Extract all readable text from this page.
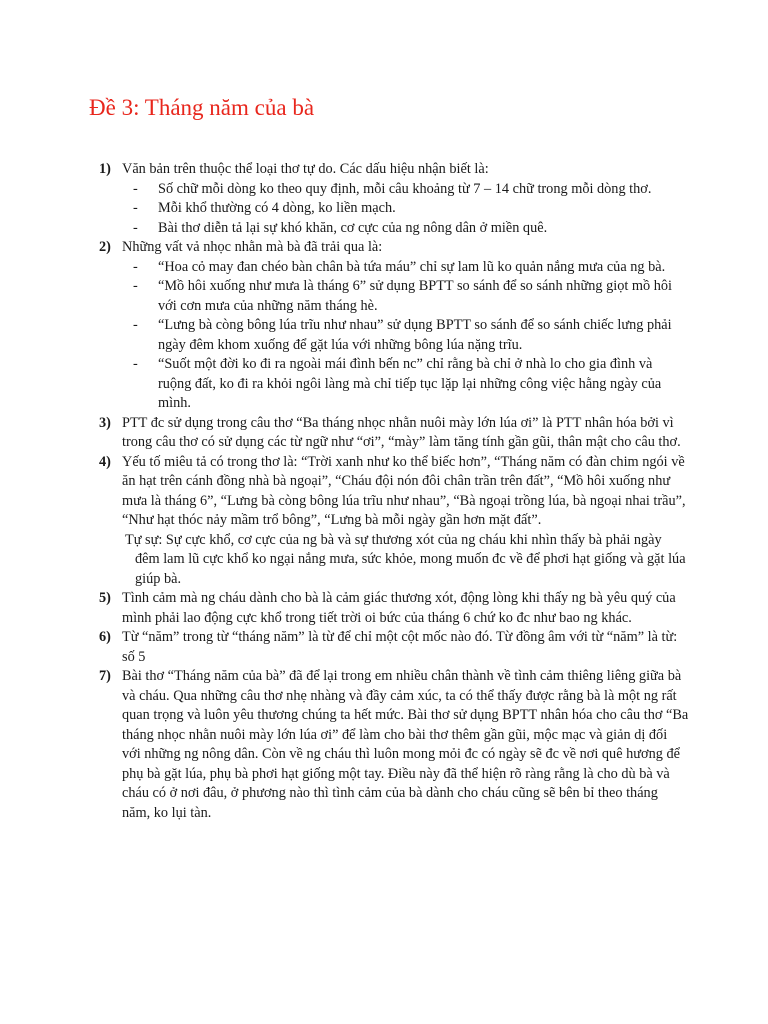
Đề 3: Tháng năm của bà
1) Văn bản trên thuộc thể loại thơ tự do. Các dấu hiệu nhận biết là:
- Số chữ mỗi dòng ko theo quy định, mỗi câu khoảng từ 7 – 14 chữ trong mỗi dòng thơ.
- Mỗi khổ thường có 4 dòng, ko liền mạch.
- Bài thơ diễn tả lại sự khó khăn, cơ cực của ng nông dân ở miền quê.
2) Những vất vả nhọc nhằn mà bà đã trải qua là:
- “Hoa cỏ may đan chéo bàn chân bà tứa máu” chỉ sự lam lũ ko quản nắng mưa của ng bà.
- “Mồ hôi xuống như mưa là tháng 6” sử dụng BPTT so sánh để so sánh những giọt mồ hôi với cơn mưa của những năm tháng hè.
- “Lưng bà còng bông lúa trĩu như nhau” sử dụng BPTT so sánh để so sánh chiếc lưng phải ngày đêm khom xuống để gặt lúa với những bông lúa nặng trĩu.
- “Suốt một đời ko đi ra ngoài mái đình bến nc” chỉ rằng bà chỉ ở nhà lo cho gia đình và ruộng đất, ko đi ra khỏi ngôi làng mà chỉ tiếp tục lặp lại những công việc hằng ngày của mình.
3) PTT đc sử dụng trong câu thơ “Ba tháng nhọc nhằn nuôi mày lớn lúa ơi” là PTT nhân hóa bởi vì trong câu thơ có sử dụng các từ ngữ như “ơi”, “mày” làm tăng tính gần gũi, thân mật cho câu thơ.
4) Yếu tố miêu tả có trong thơ là: “Trời xanh như ko thể biếc hơn”, “Tháng năm có đàn chim ngói về ăn hạt trên cánh đồng nhà bà ngoại”, “Cháu đội nón đôi chân trần trên đất”, “Mồ hôi xuống như mưa là tháng 6”, “Lưng bà còng bông lúa trĩu như nhau”, “Bà ngoại trồng lúa, bà ngoại nhai trầu”, “Như hạt thóc nảy mầm trổ bông”, “Lưng bà mỗi ngày gần hơn mặt đất”.
Tự sự: Sự cực khổ, cơ cực của ng bà và sự thương xót của ng cháu khi nhìn thấy bà phải ngày đêm lam lũ cực khổ ko ngại nắng mưa, sức khỏe, mong muốn đc về để phơi hạt giống và gặt lúa giúp bà.
5) Tình cảm mà ng cháu dành cho bà là cảm giác thương xót, động lòng khi thấy ng bà yêu quý của mình phải lao động cực khổ trong tiết trời oi bức của tháng 6 chứ ko đc như bao ng khác.
6) Từ “năm” trong từ “tháng năm” là từ để chỉ một cột mốc nào đó. Từ đồng âm với từ “năm” là từ: số 5
7) Bài thơ “Tháng năm của bà” đã để lại trong em nhiều chân thành về tình cảm thiêng liêng giữa bà và cháu. Qua những câu thơ nhẹ nhàng và đầy cảm xúc, ta có thể thấy được rằng bà là một ng rất quan trọng và luôn yêu thương chúng ta hết mức. Bài thơ sử dụng BPTT nhân hóa cho câu thơ “Ba tháng nhọc nhằn nuôi mày lớn lúa ơi” để làm cho bài thơ thêm gần gũi, mộc mạc và giản dị đối với những ng nông dân. Còn về ng cháu thì luôn mong mỏi đc có ngày sẽ đc về nơi quê hương để phụ bà gặt lúa, phụ bà phơi hạt giống một tay. Điều này đã thể hiện rõ ràng rằng là cho dù bà và cháu có ở nơi đâu, ở phương nào thì tình cảm của bà dành cho cháu cũng sẽ bên bỉ theo tháng năm, ko lụi tàn.
